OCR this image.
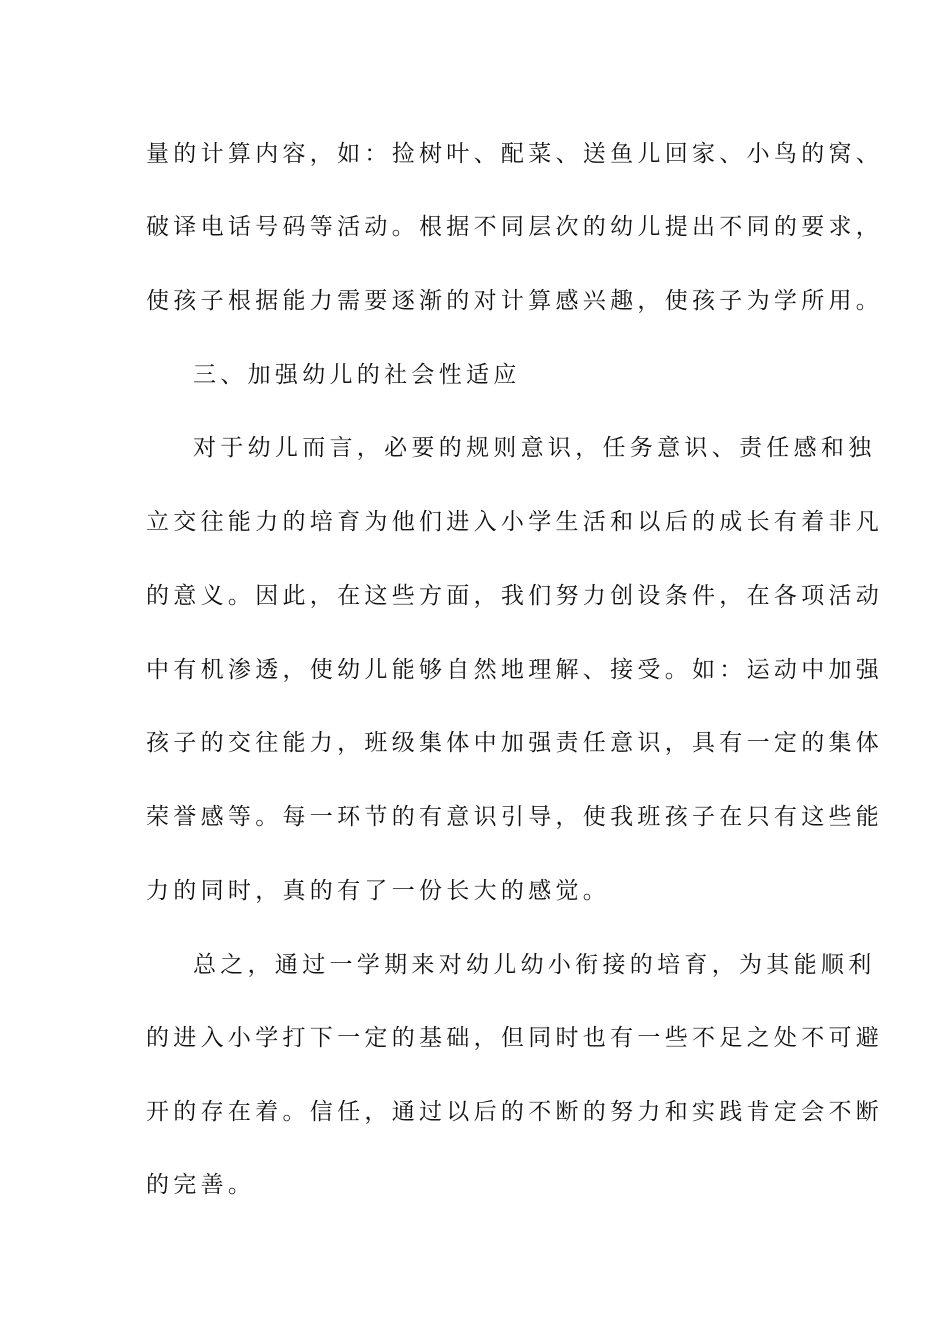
量的计算内容，如：捡树叶、配菜、送鱼儿回家、小鸟的窝、
破译电话号码等活动。根据不同层次的幼儿提出不同的要求，
使孩子根据能力需要逐渐的对计算感兴趣，使孩子为学所用。
三、加强幼儿的社会性适应
对于幼儿而言，必要的规则意识，任务意识、责任感和独
立交往能力的培育为他们进入小学生活和以后的成长有着非凡
的意义。因此，在这些方面，我们努力创设条件，在各项活动
中有机渗透，使幼儿能够自然地理解、接受。如：运动中加强
孩子的交往能力，班级集体中加强责任意识，具有一定的集体
荣誉感等。每一环节的有意识引导，使我班孩子在只有这些能
力的同时，真的有了一份长大的感觉。
总之，通过一学期来对幼儿幼小衔接的培育，为其能顺利
的进入小学打下一定的基础，但同时也有一些不足之处不可避
开的存在着。信任，通过以后的不断的努力和实践肯定会不断
的完善。
